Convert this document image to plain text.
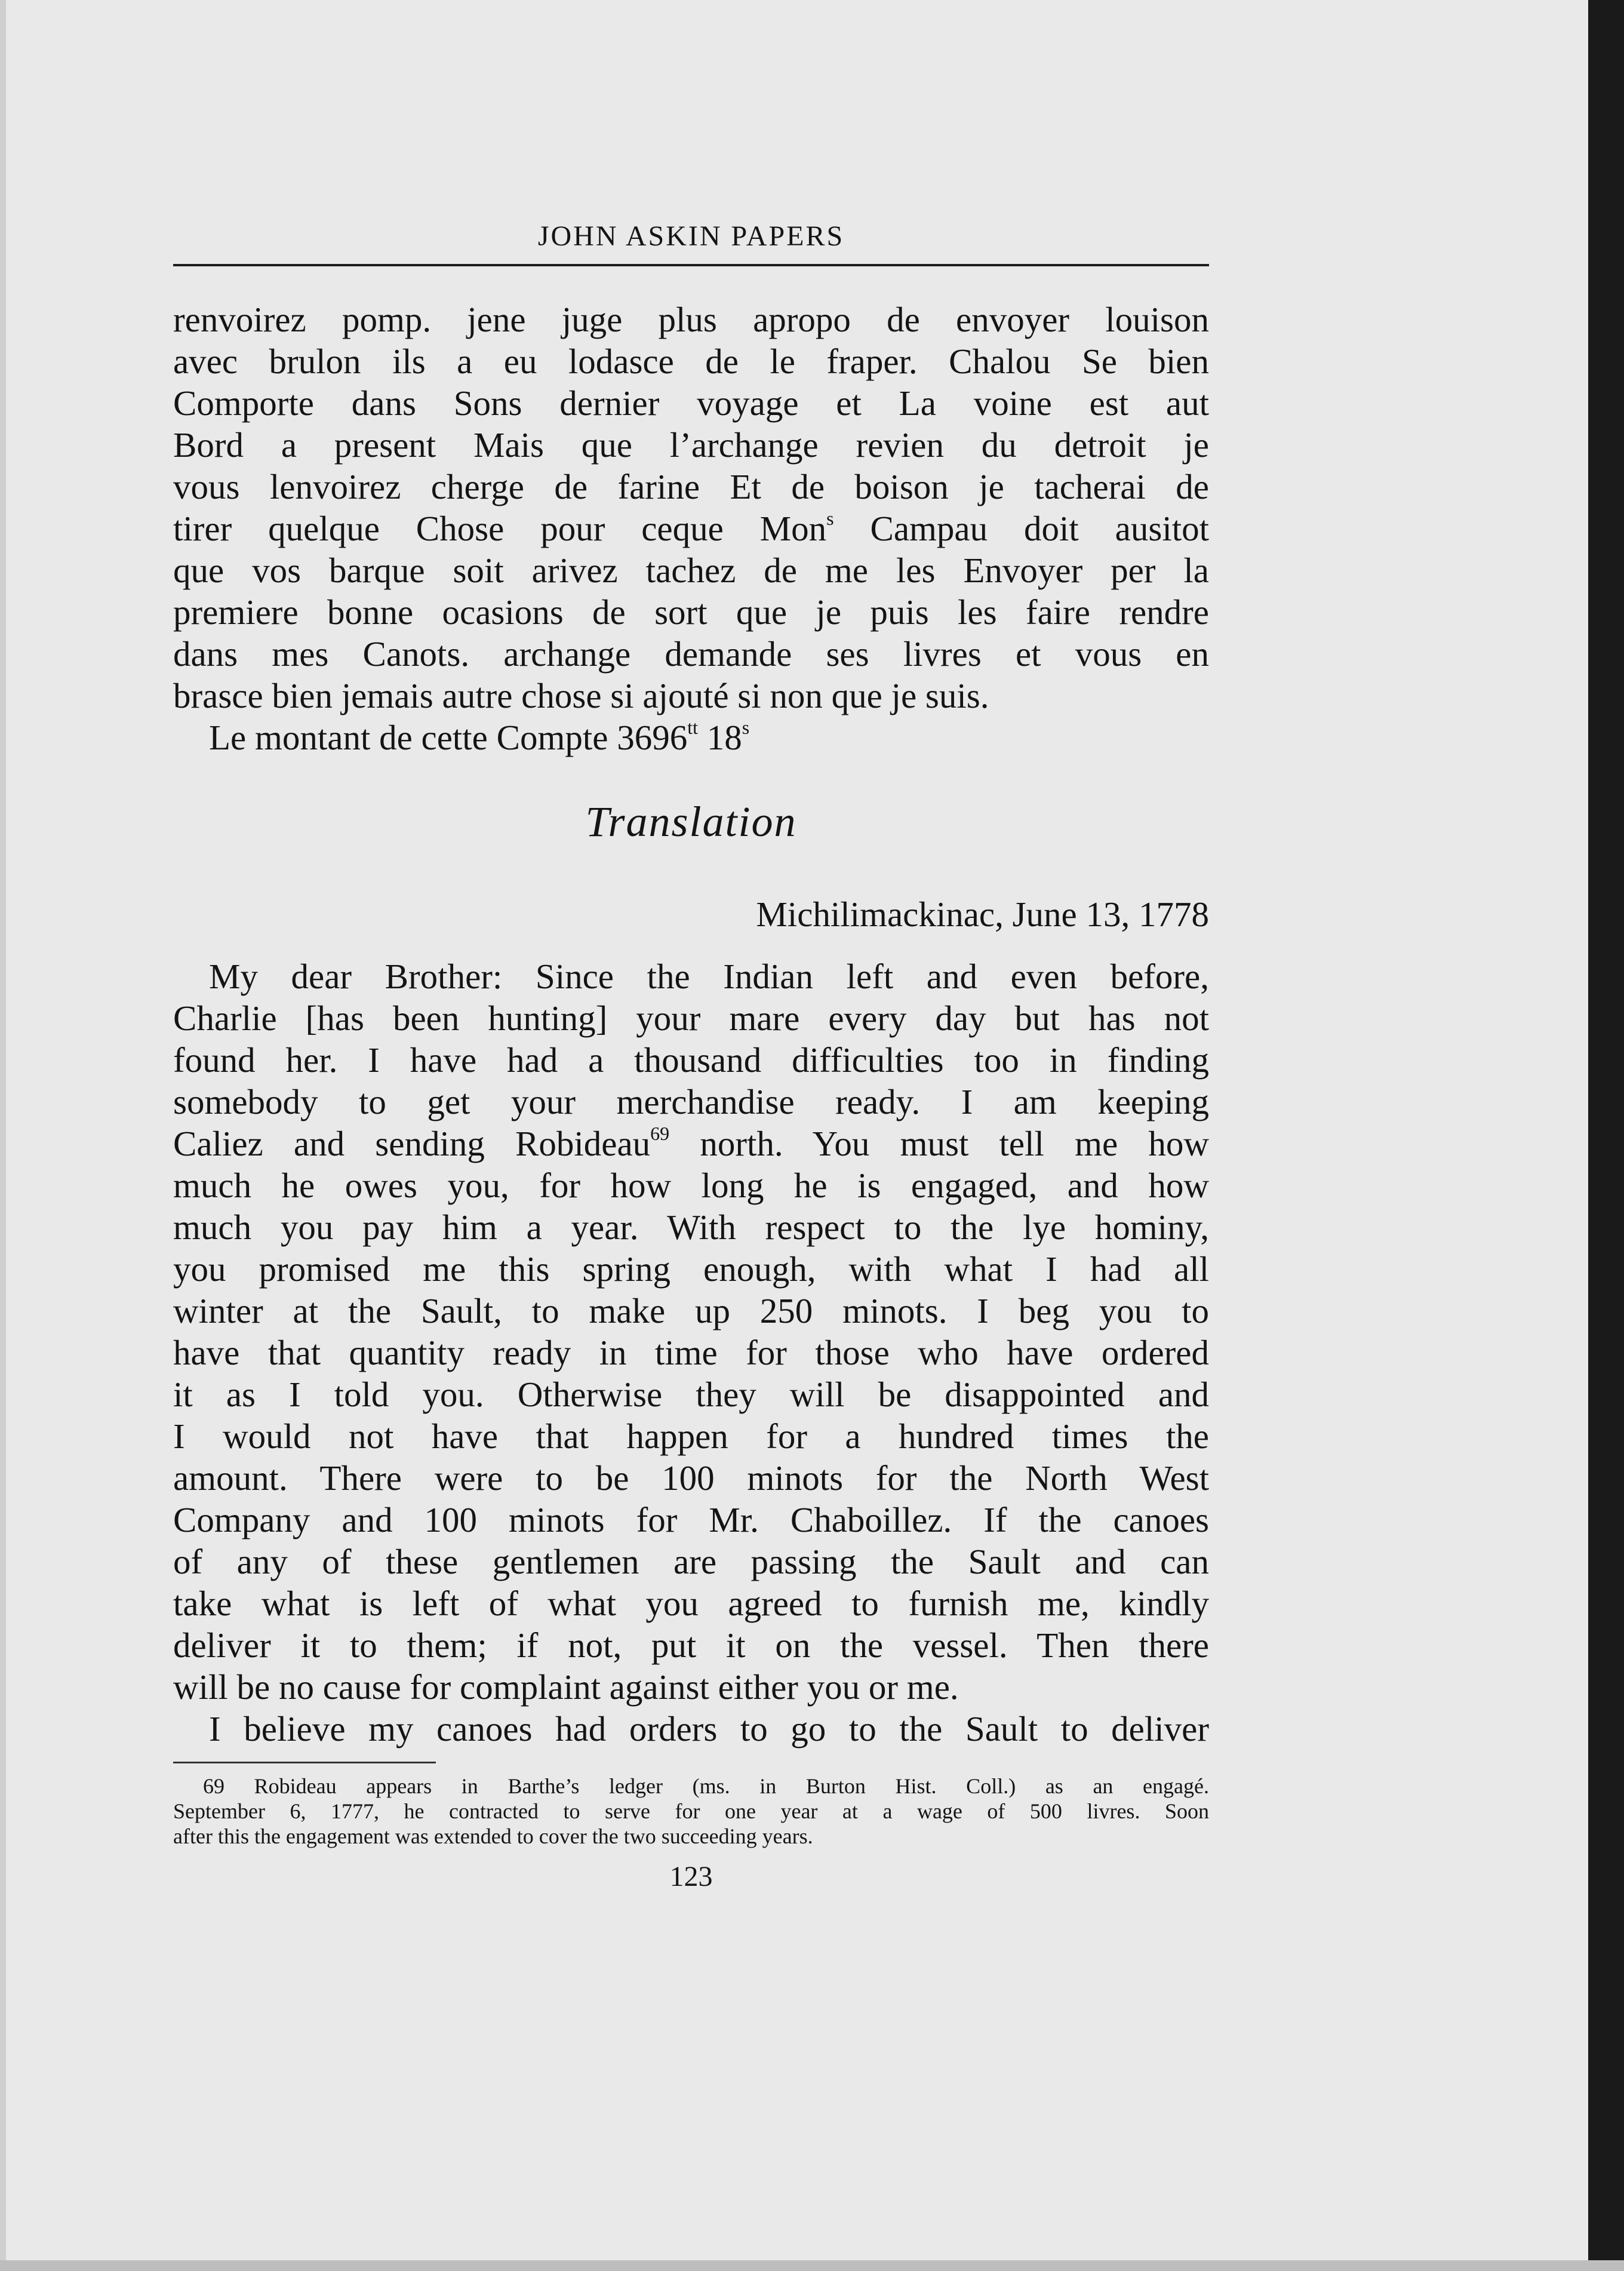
JOHN ASKIN PAPERS
renvoirez pomp. jene juge plus apropo de envoyer louison
avec brulon ils a eu lodasce de le fraper. Chalou Se bien
Comporte dans Sons dernier voyage et La voine est aut
Bord a present Mais que l’archange revien du detroit je
vous lenvoirez cherge de farine Et de boison je tacherai de
tirer quelque Chose pour ceque Mon$^s$ Campau doit ausitot
que vos barque soit arivez tachez de me les Envoyer per la
premiere bonne ocasions de sort que je puis les faire rendre
dans mes Canots. archange demande ses livres et vous en
brasce bien jemais autre chose si ajouté si non que je suis.
Le montant de cette Compte $3696^{tt}$ 18$^s$
Translation
Michilimackinac, June 13, 1778
My dear Brother: Since the Indian left and even before,
Charlie [has been hunting] your mare every day but has not
found her. I have had a thousand difficulties too in finding
somebody to get your merchandise ready. I am keeping
Caliez and sending Robideau$^{69}$ north. You must tell me how
much he owes you, for how long he is engaged, and how
much you pay him a year. With respect to the lye hominy,
you promised me this spring enough, with what I had all
winter at the Sault, to make up 250 minots. I beg you to
have that quantity ready in time for those who have ordered
it as I told you. Otherwise they will be disappointed and
I would not have that happen for a hundred times the
amount. There were to be 100 minots for the North West
Company and 100 minots for Mr. Chaboillez. If the canoes
of any of these gentlemen are passing the Sault and can
take what is left of what you agreed to furnish me, kindly
deliver it to them; if not, put it on the vessel. Then there
will be no cause for complaint against either you or me.
I believe my canoes had orders to go to the Sault to deliver
69 Robideau appears in Barthe’s ledger (ms. in Burton Hist. Coll.) as an engagé.
September 6, 1777, he contracted to serve for one year at a wage of 500 livres. Soon
after this the engagement was extended to cover the two succeeding years.
123
